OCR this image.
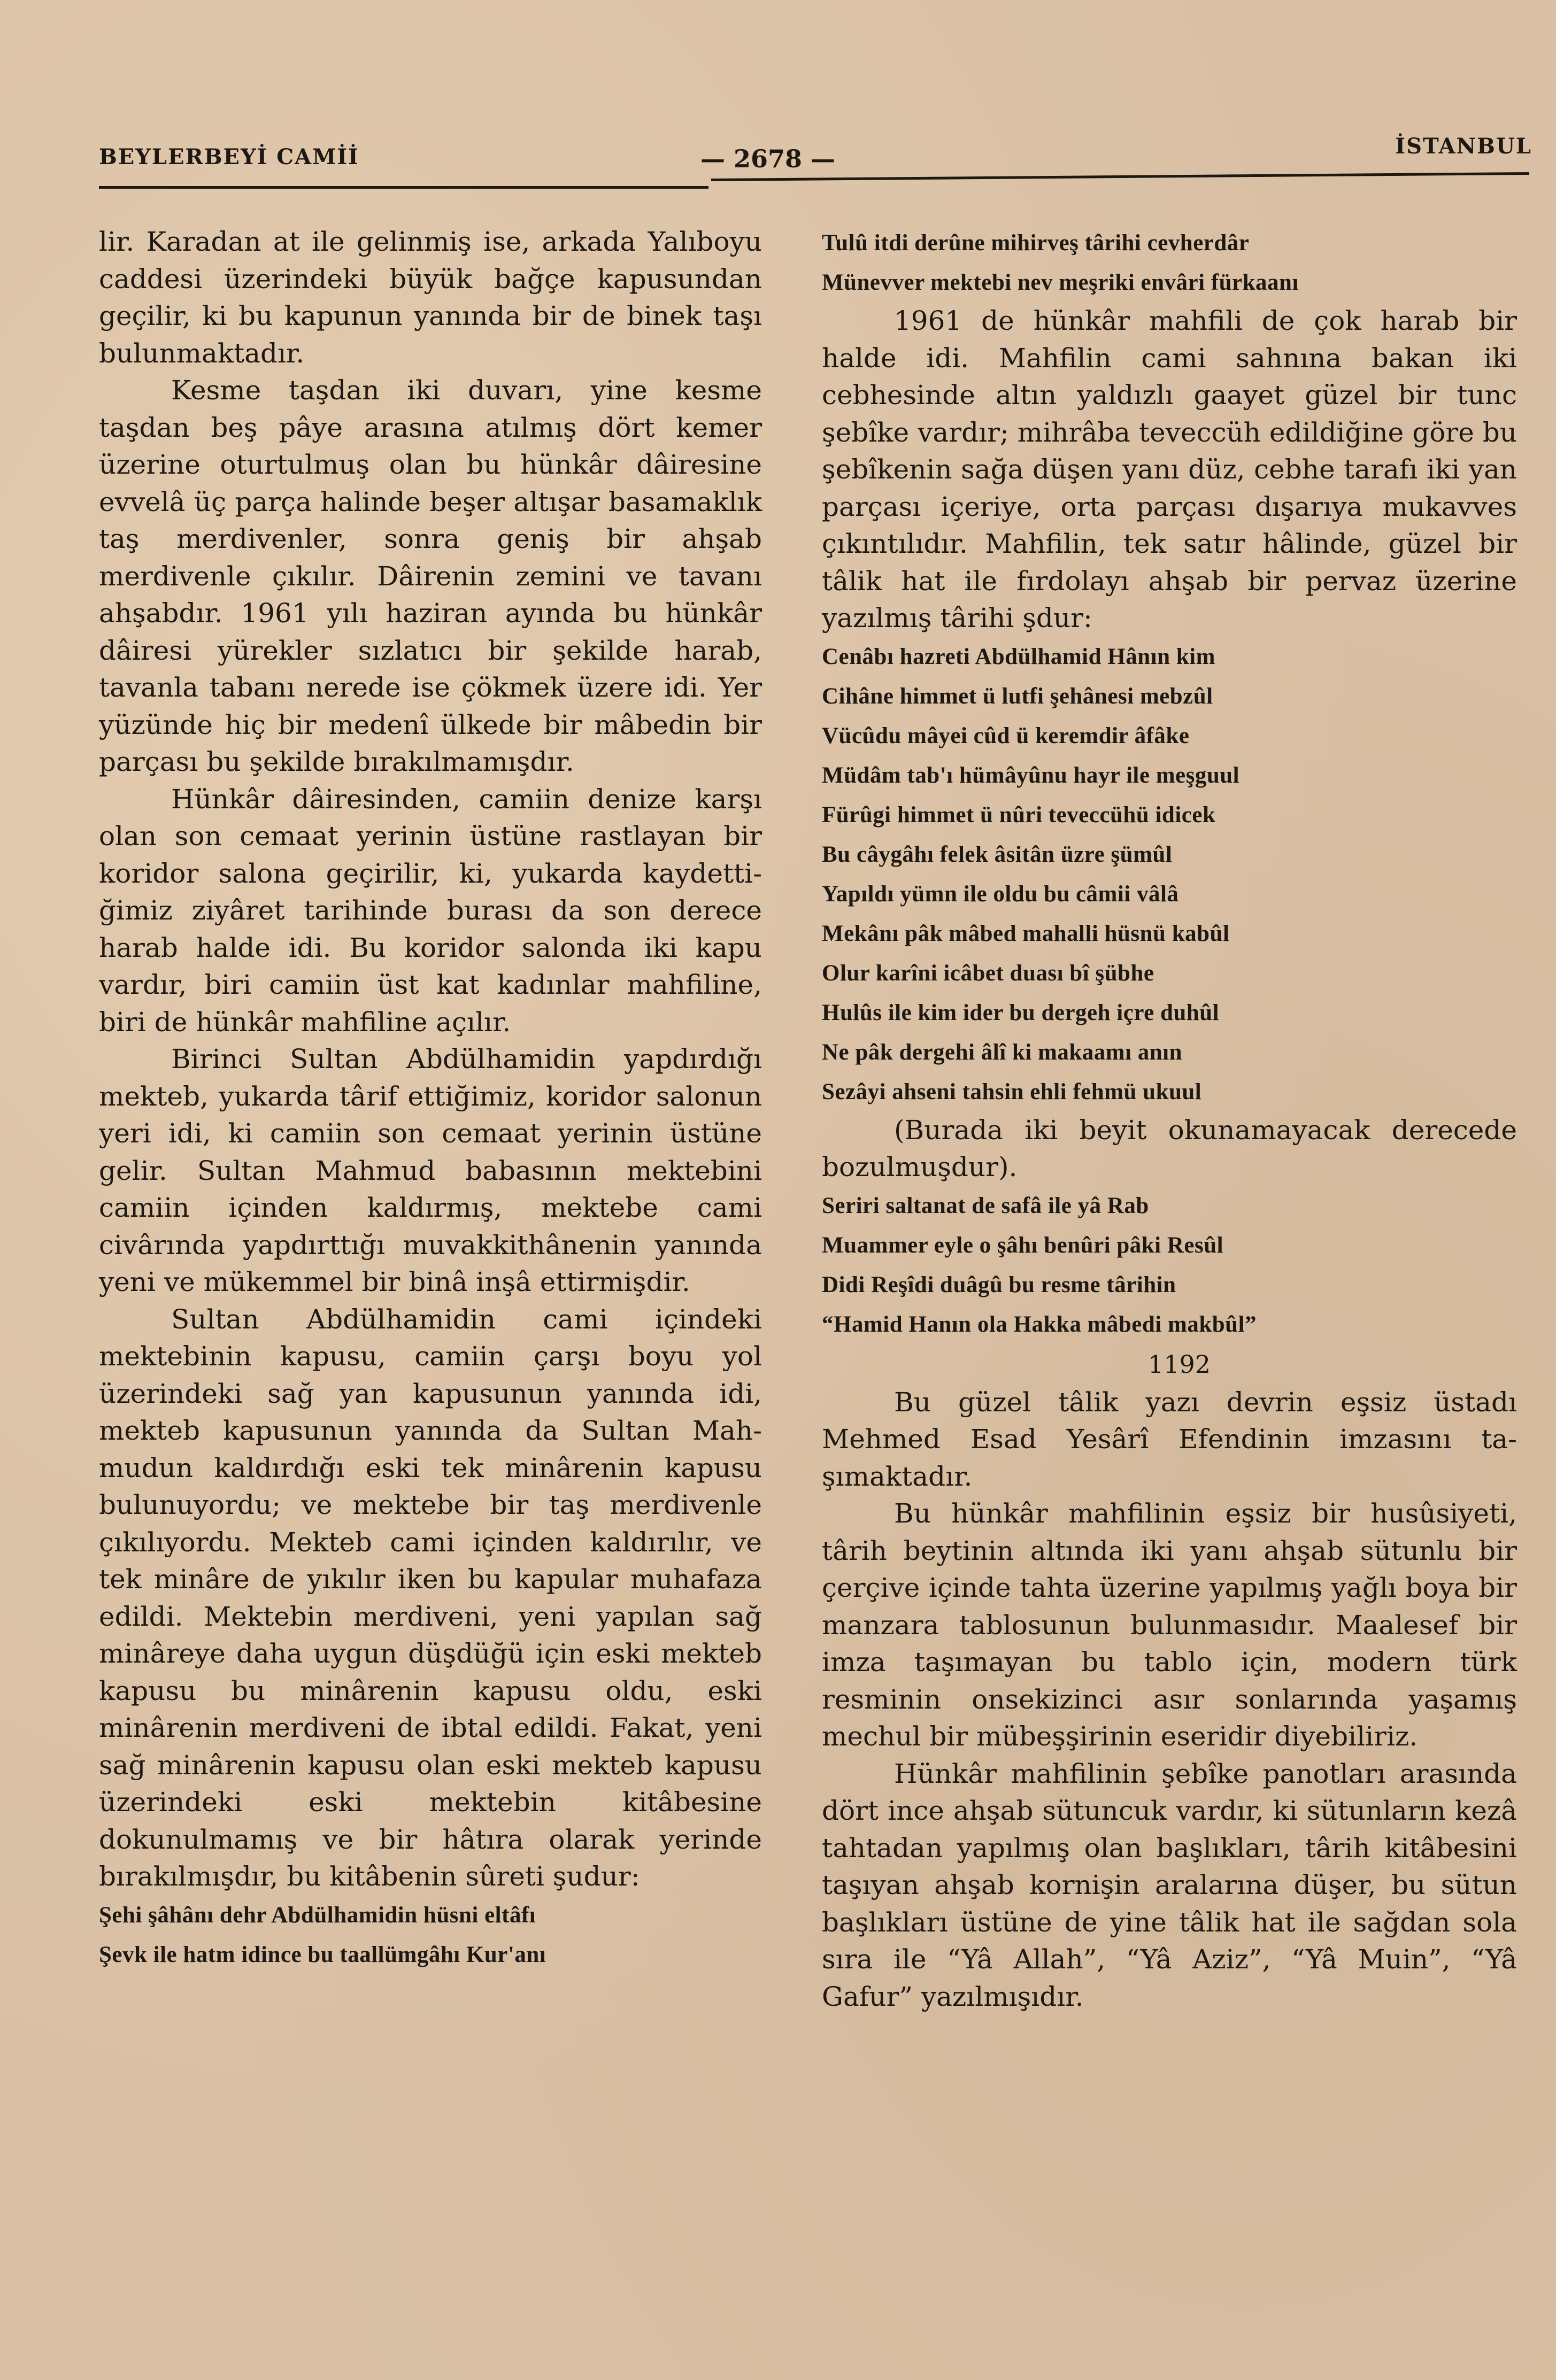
BEYLERBEYİ CAMİİ	— 2678 —	İSTANBUL

lir. Karadan at ile gelinmiş ise, arkada Yalıboyu caddesi üzerindeki büyük bağçe kapusundan geçilir, ki bu kapunun yanında bir de binek taşı bulunmaktadır.

Kesme taşdan iki duvarı, yine kesme taşdan beş pâye arasına atılmış dört kemer üzerine oturtulmuş olan bu hünkâr dâiresine evvelâ üç parça halinde beşer altışar basamaklık taş merdivenler, sonra geniş bir ahşab merdivenle çıkılır. Dâirenin zemini ve tavanı ahşabdır. 1961 yılı haziran ayında bu hünkâr dâiresi yürekler sızlatıcı bir şekilde harab, tavanla tabanı nerede ise çökmek üzere idi. Yer yüzünde hiç bir medenî ülkede bir mâbedin bir parçası bu şekilde bırakılmamışdır.

Hünkâr dâiresinden, camiin denize karşı olan son cemaat yerinin üstüne rastlayan bir koridor salona geçirilir, ki, yukarda kaydettiğimiz ziyâret tarihinde burası da son derece harab halde idi. Bu koridor salonda iki kapu vardır, biri camiin üst kat kadınlar mahfiline, biri de hünkâr mahfiline açılır.

Birinci Sultan Abdülhamidin yapdırdığı mekteb, yukarda târif ettiğimiz, koridor salonun yeri idi, ki camiin son cemaat yerinin üstüne gelir. Sultan Mahmud babasının mektebini camiin içinden kaldırmış, mektebe cami civârında yapdırttığı muvakkithânenin yanında yeni ve mükemmel bir binâ inşâ ettirmişdir.

Sultan Abdülhamidin cami içindeki mektebinin kapusu, camiin çarşı boyu yol üzerindeki sağ yan kapusunun yanında idi, mekteb kapusunun yanında da Sultan Mahmudun kaldırdığı eski tek minârenin kapusu bulunuyordu; ve mektebe bir taş merdivenle çıkılıyordu. Mekteb cami içinden kaldırılır, ve tek minâre de yıkılır iken bu kapular muhafaza edildi. Mektebin merdiveni, yeni yapılan sağ minâreye daha uygun düşdüğü için eski mekteb kapusu bu minârenin kapusu oldu, eski minârenin merdiveni de ibtal edildi. Fakat, yeni sağ minârenin kapusu olan eski mekteb kapusu üzerindeki eski mektebin kitâbesine dokunulmamış ve bir hâtıra olarak yerinde bırakılmışdır, bu kitâbenin sûreti şudur:

Şehi şâhânı dehr Abdülhamidin hüsni eltâfı

Şevk ile hatm idince bu taallümgâhı Kur'anı

Tulû itdi derûne mihirveş târihi cevherdâr

Münevver mektebi nev meşriki envâri fürkaanı

1961 de hünkâr mahfili de çok harab bir halde idi. Mahfilin cami sahnına bakan iki cebhesinde altın yaldızlı gaayet güzel bir tunc şebîke vardır; mihrâba teveccüh edildiğine göre bu şebîkenin sağa düşen yanı düz, cebhe tarafı iki yan parçası içeriye, orta parçası dışarıya mukavves çıkıntılıdır. Mahfilin, tek satır hâlinde, güzel bir tâlik hat ile fırdolayı ahşab bir pervaz üzerine yazılmış târihi şdur:

Cenâbı hazreti Abdülhamid Hânın kim

Cihâne himmet ü lutfi şehânesi mebzûl

Vücûdu mâyei cûd ü keremdir âfâke

Müdâm tab'ı hümâyûnu hayr ile meşguul

Fürûgi himmet ü nûri teveccühü idicek

Bu câygâhı felek âsitân üzre şümûl

Yapıldı yümn ile oldu bu câmii vâlâ

Mekânı pâk mâbed mahalli hüsnü kabûl

Olur karîni icâbet duası bî şübhe

Hulûs ile kim ider bu dergeh içre duhûl

Ne pâk dergehi âlî ki makaamı anın

Sezâyi ahseni tahsin ehli fehmü ukuul

(Burada iki beyit okunamayacak derecede bozulmuşdur).

Seriri saltanat de safâ ile yâ Rab

Muammer eyle o şâhı benûri pâki Resûl

Didi Reşîdi duâgû bu resme târihin

“Hamid Hanın ola Hakka mâbedi makbûl”

1192

Bu güzel tâlik yazı devrin eşsiz üstadı Mehmed Esad Yesârî Efendinin imzasını taşımaktadır.

Bu hünkâr mahfilinin eşsiz bir husûsiyeti, târih beytinin altında iki yanı ahşab sütunlu bir çerçive içinde tahta üzerine yapılmış yağlı boya bir manzara tablosunun bulunmasıdır. Maalesef bir imza taşımayan bu tablo için, modern türk resminin onsekizinci asır sonlarında yaşamış mechul bir mübeşşirinin eseridir diyebiliriz.

Hünkâr mahfilinin şebîke panotları arasında dört ince ahşab sütuncuk vardır, ki sütunların kezâ tahtadan yapılmış olan başlıkları, târih kitâbesini taşıyan ahşab kornişin aralarına düşer, bu sütun başlıkları üstüne de yine tâlik hat ile sağdan sola sıra ile “Yâ Allah”, “Yâ Aziz”, “Yâ Muin”, “Yâ Gafur” yazılmışıdır.
